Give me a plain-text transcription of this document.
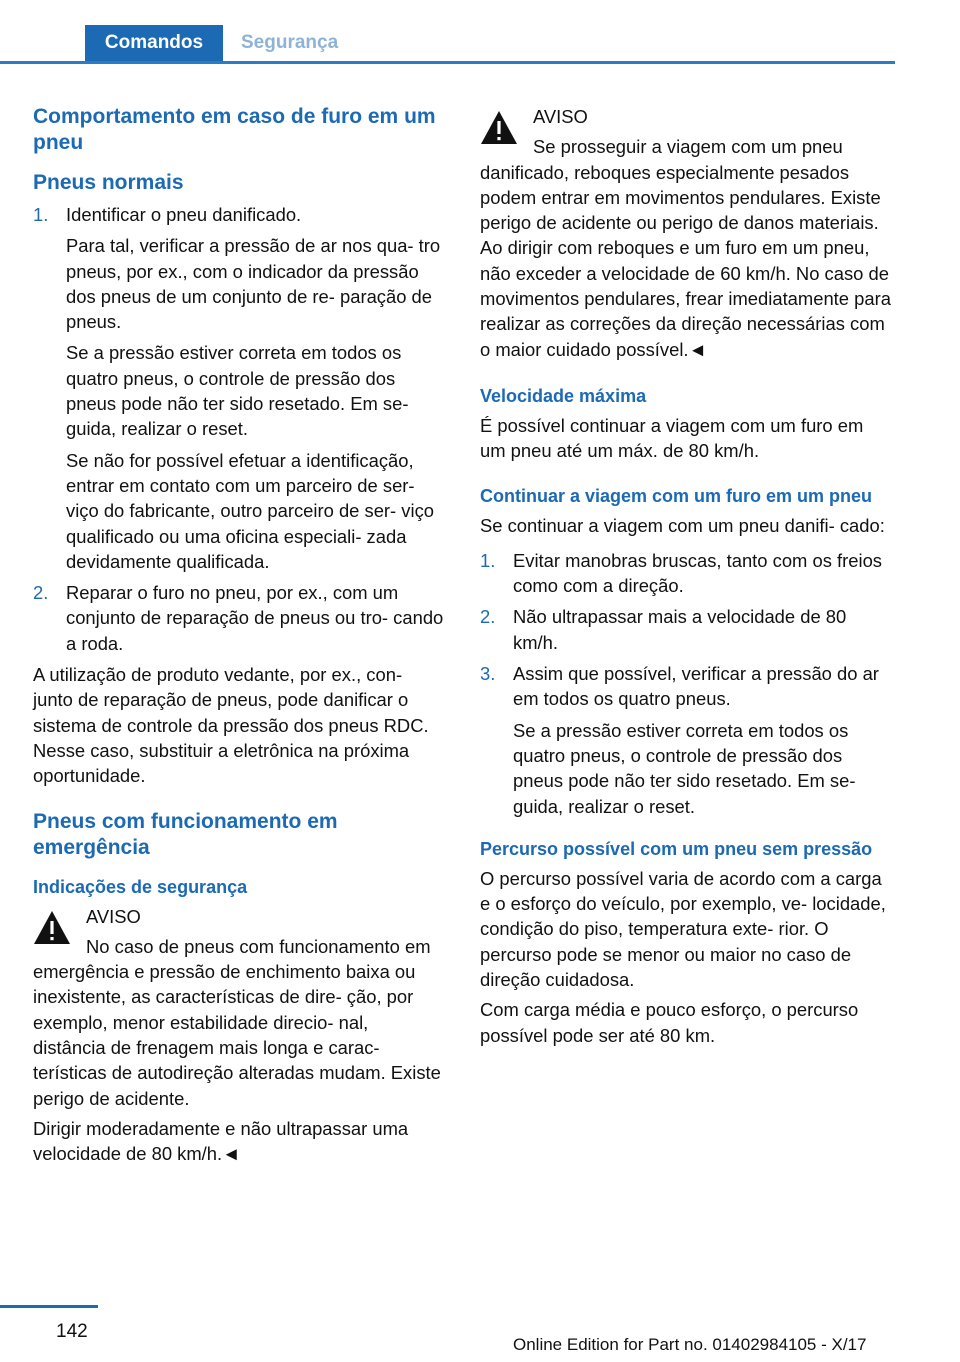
Comandos	Segurança
Comportamento em caso de furo em um pneu
Pneus normais
1. Identificar o pneu danificado.

Para tal, verificar a pressão de ar nos qua- tro pneus, por ex., com o indicador da pressão dos pneus de um conjunto de re- paração de pneus.

Se a pressão estiver correta em todos os quatro pneus, o controle de pressão dos pneus pode não ter sido resetado. Em se- guida, realizar o reset.

Se não for possível efetuar a identificação, entrar em contato com um parceiro de ser- viço do fabricante, outro parceiro de ser- viço qualificado ou uma oficina especiali- zada devidamente qualificada.

2. Reparar o furo no pneu, por ex., com um conjunto de reparação de pneus ou tro- cando a roda.

A utilização de produto vedante, por ex., con- junto de reparação de pneus, pode danificar o sistema de controle da pressão dos pneus RDC. Nesse caso, substituir a eletrônica na próxima oportunidade.

Pneus com funcionamento em emergência
Indicações de segurança

AVISO

No caso de pneus com funcionamento em emergência e pressão de enchimento baixa ou inexistente, as características de dire- ção, por exemplo, menor estabilidade direcio- nal, distância de frenagem mais longa e carac- terísticas de autodireção alteradas mudam. Existe perigo de acidente.

Dirigir moderadamente e não ultrapassar uma velocidade de 80 km/h.◄

AVISO

Se prosseguir a viagem com um pneu danificado, reboques especialmente pesados podem entrar em movimentos pendulares. Existe perigo de acidente ou perigo de danos materiais. Ao dirigir com reboques e um furo em um pneu, não exceder a velocidade de 60 km/h. No caso de movimentos pendulares, frear imediatamente para realizar as correções da direção necessárias com o maior cuidado possível.◄

Velocidade máxima

É possível continuar a viagem com um furo em um pneu até um máx. de 80 km/h.

Continuar a viagem com um furo em um pneu

Se continuar a viagem com um pneu danifi- cado:

1. Evitar manobras bruscas, tanto com os freios como com a direção.

2. Não ultrapassar mais a velocidade de 80 km/h.

3. Assim que possível, verificar a pressão do ar em todos os quatro pneus.

Se a pressão estiver correta em todos os quatro pneus, o controle de pressão dos pneus pode não ter sido resetado. Em se- guida, realizar o reset.

Percurso possível com um pneu sem pressão

O percurso possível varia de acordo com a carga e o esforço do veículo, por exemplo, ve- locidade, condição do piso, temperatura exte- rior. O percurso pode se menor ou maior no caso de direção cuidadosa.

Com carga média e pouco esforço, o percurso possível pode ser até 80 km.

142
Online Edition for Part no. 01402984105 - X/17
